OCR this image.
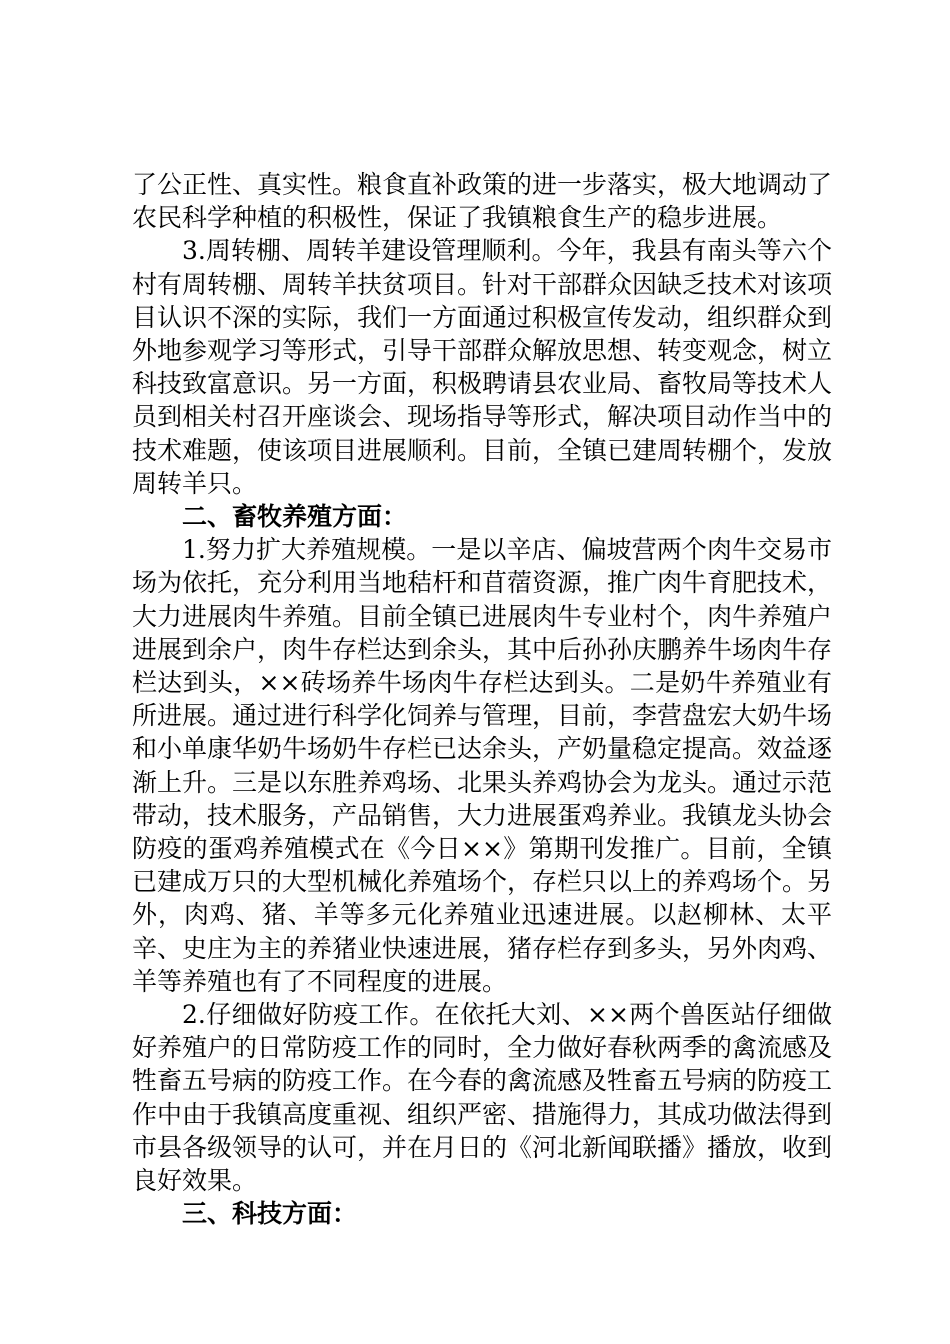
了公正性、真实性。粮食直补政策的进一步落实，极大地调动了农民科学种植的积极性，保证了我镇粮食生产的稳步进展。

3.周转棚、周转羊建设管理顺利。今年，我县有南头等六个村有周转棚、周转羊扶贫项目。针对干部群众因缺乏技术对该项目认识不深的实际，我们一方面通过积极宣传发动，组织群众到外地参观学习等形式，引导干部群众解放思想、转变观念，树立科技致富意识。另一方面，积极聘请县农业局、畜牧局等技术人员到相关村召开座谈会、现场指导等形式，解决项目动作当中的技术难题，使该项目进展顺利。目前，全镇已建周转棚个，发放周转羊只。

二、畜牧养殖方面：

1.努力扩大养殖规模。一是以辛店、偏坡营两个肉牛交易市场为依托，充分利用当地秸杆和苜蓿资源，推广肉牛育肥技术，大力进展肉牛养殖。目前全镇已进展肉牛专业村个，肉牛养殖户进展到余户，肉牛存栏达到余头，其中后孙孙庆鹏养牛场肉牛存栏达到头，××砖场养牛场肉牛存栏达到头。二是奶牛养殖业有所进展。通过进行科学化饲养与管理，目前，李营盘宏大奶牛场和小单康华奶牛场奶牛存栏已达余头，产奶量稳定提高。效益逐渐上升。三是以东胜养鸡场、北果头养鸡协会为龙头。通过示范带动，技术服务，产品销售，大力进展蛋鸡养业。我镇龙头协会防疫的蛋鸡养殖模式在《今日××》第期刊发推广。目前，全镇已建成万只的大型机械化养殖场个，存栏只以上的养鸡场个。另外，肉鸡、猪、羊等多元化养殖业迅速进展。以赵柳林、太平辛、史庄为主的养猪业快速进展，猪存栏存到多头，另外肉鸡、羊等养殖也有了不同程度的进展。

2.仔细做好防疫工作。在依托大刘、××两个兽医站仔细做好养殖户的日常防疫工作的同时，全力做好春秋两季的禽流感及牲畜五号病的防疫工作。在今春的禽流感及牲畜五号病的防疫工作中由于我镇高度重视、组织严密、措施得力，其成功做法得到市县各级领导的认可，并在月日的《河北新闻联播》播放，收到良好效果。

三、科技方面：
